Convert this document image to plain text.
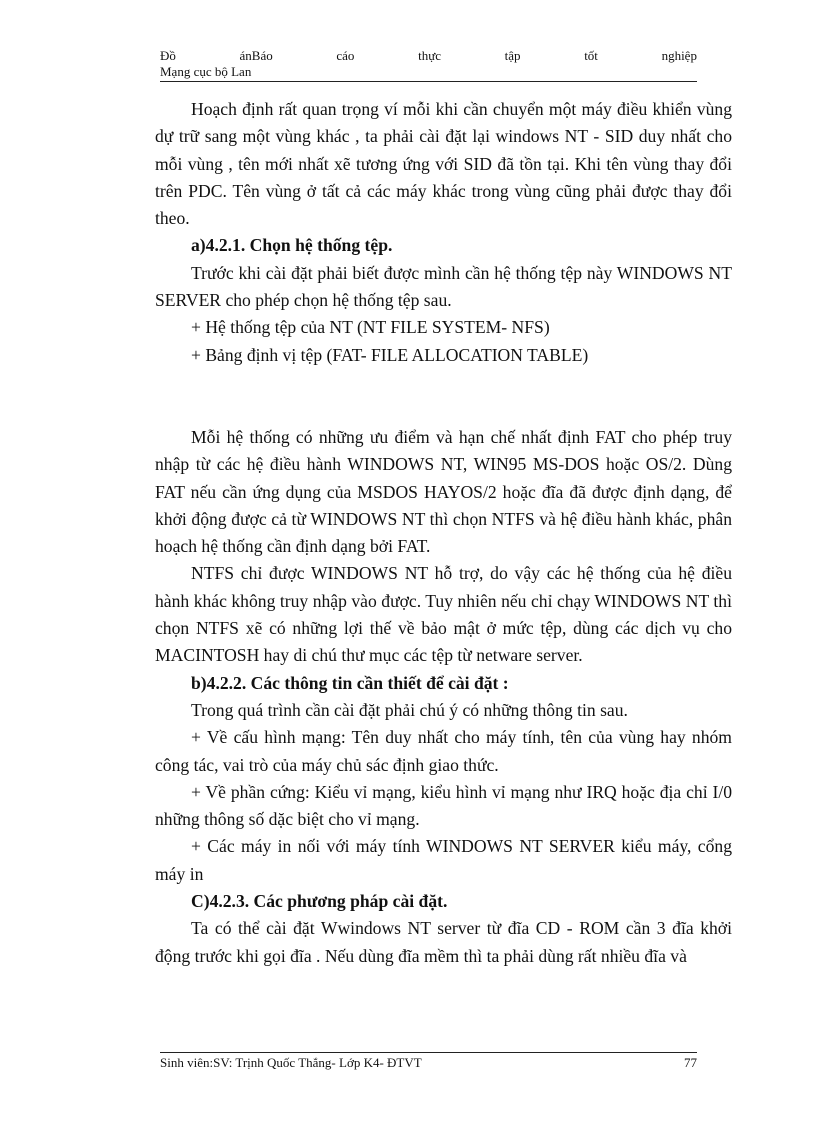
Đồ	ánBáo	cáo	thực	tập	tốt	nghiệp
Mạng cục bộ Lan

Hoạch định rất quan trọng ví mỗi khi cần chuyển một máy điều khiển vùng dự trữ sang một vùng khác , ta phải cài đặt lại windows NT - SID duy nhất cho mỗi vùng , tên mới nhất xẽ tương ứng với SID đã tồn tại. Khi tên vùng thay đổi trên PDC. Tên vùng ở tất cả các máy khác trong vùng cũng phải được thay đổi theo.

a)4.2.1. Chọn hệ thống tệp.

Trước khi cài đặt phải biết được mình cần hệ thống tệp này WINDOWS NT SERVER cho phép chọn hệ thống tệp sau.

+ Hệ thống tệp của NT (NT FILE SYSTEM- NFS)

+ Bảng định vị tệp (FAT- FILE ALLOCATION TABLE)

Mỗi hệ thống có những ưu điểm và hạn chế nhất định FAT cho phép truy nhập từ các hệ điều hành WINDOWS NT, WIN95 MS-DOS hoặc OS/2. Dùng FAT nếu cần ứng dụng của MSDOS HAYOS/2 hoặc đĩa đã được định dạng, để khởi động được cả từ WINDOWS NT thì chọn NTFS và hệ điều hành khác, phân hoạch hệ thống cần định dạng bởi FAT.

NTFS chỉ được WINDOWS NT hỗ trợ, do vậy các hệ thống của hệ điều hành khác không truy nhập vào được. Tuy nhiên nếu chỉ chạy WINDOWS NT thì chọn NTFS xẽ có những lợi thế về bảo mật ở mức tệp, dùng các dịch vụ cho MACINTOSH hay di chú thư mục các tệp từ netware server.

b)4.2.2. Các thông tin cần thiết để cài đặt :

Trong quá trình cần cài đặt phải chú ý có những thông tin sau.

+ Về cấu hình mạng: Tên duy nhất cho máy tính, tên của vùng hay nhóm công tác, vai trò của máy chủ sác định giao thức.

+ Về phần cứng: Kiểu vỉ mạng, kiểu hình vỉ mạng như IRQ hoặc địa chỉ I/0 những thông số dặc biệt cho vỉ mạng.

+ Các máy in nối với máy tính WINDOWS NT SERVER kiểu máy, cổng máy in

C)4.2.3. Các phương pháp cài đặt.

Ta có thể cài đặt Wwindows NT server từ đĩa CD - ROM cần 3 đĩa khởi động trước khi gọi đĩa . Nếu dùng đĩa mềm thì ta phải dùng rất nhiều đĩa và

Sinh viên:SV: Trịnh Quốc Thắng- Lớp K4- ĐTVT	77
